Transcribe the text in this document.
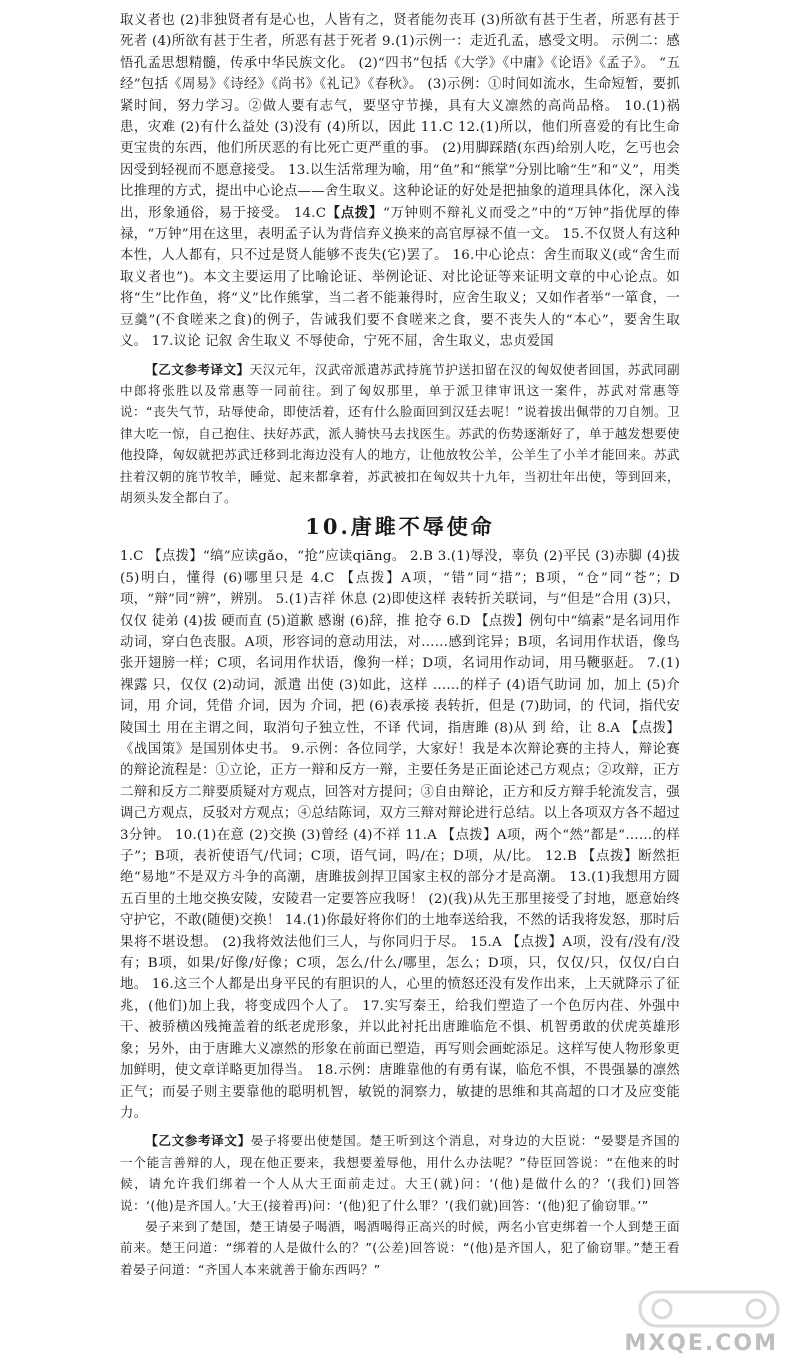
取义者也 (2)非独贤者有是心也，人皆有之，贤者能勿丧耳 (3)所欲有甚于生者，所恶有甚于死者 (4)所欲有甚于生者，所恶有甚于死者 9.(1)示例一：走近孔孟，感受文明。 示例二：感悟孔孟思想精髓，传承中华民族文化。 (2)“四书”包括《大学》《中庸》《论语》《孟子》。 “五经”包括《周易》《诗经》《尚书》《礼记》《春秋》。 (3)示例：①时间如流水，生命短暂，要抓紧时间，努力学习。②做人要有志气，要坚守节操，具有大义凛然的高尚品格。 10.(1)祸患，灾难 (2)有什么益处 (3)没有 (4)所以，因此 11.C 12.(1)所以，他们所喜爱的有比生命更宝贵的东西，他们所厌恶的有比死亡更严重的事。 (2)用脚踩踏(东西)给别人吃，乞丐也会因受到轻视而不愿意接受。 13.以生活常理为喻，用“鱼”和“熊掌”分别比喻“生”和“义”，用类比推理的方式，提出中心论点——舍生取义。这种论证的好处是把抽象的道理具体化，深入浅出，形象通俗，易于接受。 14.C【点拨】“万钟则不辩礼义而受之”中的“万钟”指优厚的俸禄，“万钟”用在这里，表明孟子认为背信弃义换来的高官厚禄不值一文。 15.不仅贤人有这种本性，人人都有，只不过是贤人能够不丧失(它)罢了。 16.中心论点：舍生而取义(或“舍生而取义者也”)。本文主要运用了比喻论证、举例论证、对比论证等来证明文章的中心论点。如将“生”比作鱼，将“义”比作熊掌，当二者不能兼得时，应舍生取义；又如作者举“一箪食，一豆羹”(不食嗟来之食)的例子，告诫我们要不食嗟来之食，要不丧失人的“本心”，要舍生取义。 17.议论 记叙 舍生取义 不辱使命，宁死不屈，舍生取义，忠贞爱国

【乙文参考译文】天汉元年，汉武帝派遣苏武持旄节护送扣留在汉的匈奴使者回国，苏武同副中郎将张胜以及常惠等一同前往。到了匈奴那里，单于派卫律审讯这一案件，苏武对常惠等说：“丧失气节，玷辱使命，即使活着，还有什么脸面回到汉廷去呢！”说着拔出佩带的刀自刎。卫律大吃一惊，自己抱住、扶好苏武，派人骑快马去找医生。苏武的伤势逐渐好了，单于越发想要使他投降，匈奴就把苏武迁移到北海边没有人的地方，让他放牧公羊，公羊生了小羊才能回来。苏武拄着汉朝的旄节牧羊，睡觉、起来都拿着，苏武被扣在匈奴共十九年，当初壮年出使，等到回来，胡须头发全都白了。

10.唐雎不辱使命

1.C 【点拨】“缟”应读gǎo，“抢”应读qiāng。 2.B 3.(1)辱没，辜负 (2)平民 (3)赤脚 (4)拔 (5)明白，懂得 (6)哪里只是 4.C 【点拨】A项，“错”同“措”；B项，“仓”同“苍”；D项，“辩”同“辨”，辨别。 5.(1)吉祥 休息 (2)即使这样 表转折关联词，与“但是”合用 (3)只，仅仅 徒弟 (4)拔 硬而直 (5)道歉 感谢 (6)辞，推 抢夺 6.D 【点拨】例句中“缟素”是名词用作动词，穿白色丧服。A项，形容词的意动用法，对……感到诧异；B项，名词用作状语，像鸟张开翅膀一样；C项，名词用作状语，像狗一样；D项，名词用作动词，用马鞭驱赶。 7.(1)裸露 只，仅仅 (2)动词，派遣 出使 (3)如此，这样 ……的样子 (4)语气助词 加，加上 (5)介词，用 介词，凭借 介词，因为 介词，把 (6)表承接 表转折，但是 (7)助词，的 代词，指代安陵国土 用在主谓之间，取消句子独立性，不译 代词，指唐雎 (8)从 到 给，让 8.A 【点拨】《战国策》是国别体史书。 9.示例：各位同学，大家好！我是本次辩论赛的主持人，辩论赛的辩论流程是：①立论，正方一辩和反方一辩，主要任务是正面论述己方观点；②攻辩，正方二辩和反方二辩要质疑对方观点，回答对方提问；③自由辩论，正方和反方辩手轮流发言，强调己方观点，反驳对方观点；④总结陈词，双方三辩对辩论进行总结。以上各项双方各不超过3分钟。 10.(1)在意 (2)交换 (3)曾经 (4)不祥 11.A 【点拨】A项，两个“然”都是“……的样子”；B项，表祈使语气/代词；C项，语气词，吗/在；D项，从/比。 12.B 【点拨】断然拒绝“易地”不是双方斗争的高潮，唐雎拔剑捍卫国家主权的部分才是高潮。 13.(1)我想用方圆五百里的土地交换安陵，安陵君一定要答应我呀！ (2)(我)从先王那里接受了封地，愿意始终守护它，不敢(随便)交换！ 14.(1)你最好将你们的土地奉送给我，不然的话我将发怒，那时后果将不堪设想。 (2)我将效法他们三人，与你同归于尽。 15.A 【点拨】A项，没有/没有/没有；B项，如果/好像/好像；C项，怎么/什么/哪里，怎么；D项，只，仅仅/只，仅仅/白白地。 16.这三个人都是出身平民的有胆识的人，心里的愤怒还没有发作出来，上天就降示了征兆，(他们)加上我，将变成四个人了。 17.实写秦王，给我们塑造了一个色厉内荏、外强中干、被骄横凶残掩盖着的纸老虎形象，并以此衬托出唐雎临危不惧、机智勇敢的伏虎英雄形象；另外，由于唐雎大义凛然的形象在前面已塑造，再写则会画蛇添足。这样写使人物形象更加鲜明，使文章详略更加得当。 18.示例：唐雎靠他的有勇有谋，临危不惧，不畏强暴的凛然正气；而晏子则主要靠他的聪明机智，敏锐的洞察力，敏捷的思维和其高超的口才及应变能力。

【乙文参考译文】晏子将要出使楚国。楚王听到这个消息，对身边的大臣说：“晏婴是齐国的一个能言善辩的人，现在他正要来，我想要羞辱他，用什么办法呢？”侍臣回答说：“在他来的时候，请允许我们绑着一个人从大王面前走过。大王(就)问：‘(他)是做什么的？’(我们)回答说：‘(他)是齐国人。’大王(接着再)问：‘(他)犯了什么罪？’(我们就)回答：‘(他)犯了偷窃罪。’”

晏子来到了楚国，楚王请晏子喝酒，喝酒喝得正高兴的时候，两名小官吏绑着一个人到楚王面前来。楚王问道：“绑着的人是做什么的？”(公差)回答说：“(他)是齐国人，犯了偷窃罪。”楚王看着晏子问道：“齐国人本来就善于偷东西吗？”

MXQE.COM
